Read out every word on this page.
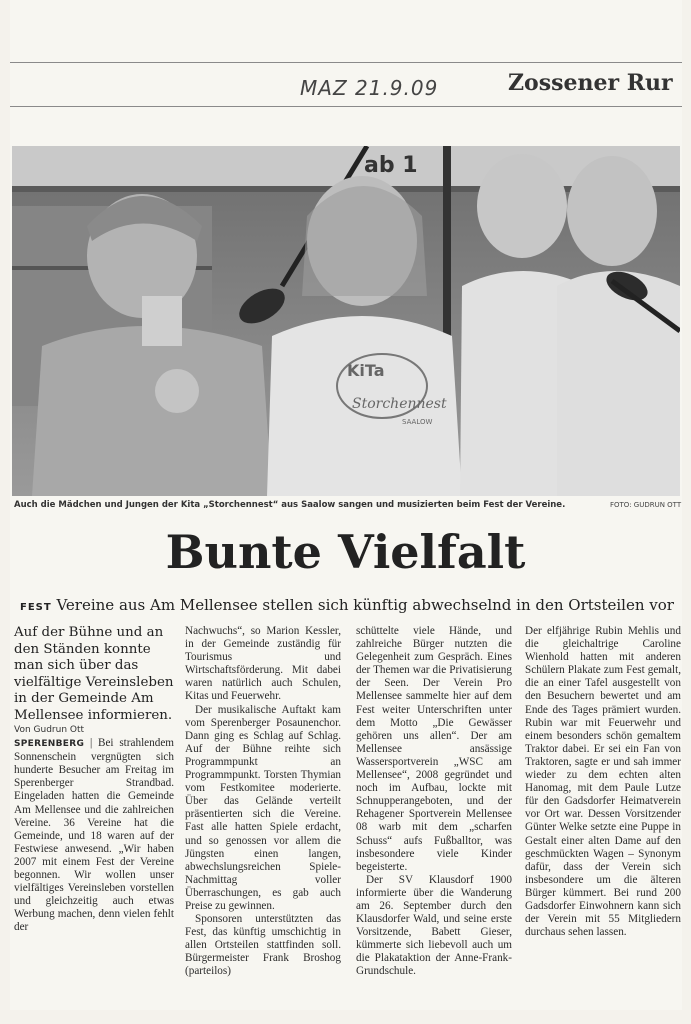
MAZ 21.9.09	Zossener Rur
ab 1
KiTa
Storchennest
SAALOW
Auch die Mädchen und Jungen der Kita „Storchennest“ aus Saalow sangen und musizierten beim Fest der Vereine.	FOTO: GUDRUN OTT
Bunte Vielfalt
FEST Vereine aus Am Mellensee stellen sich künftig abwechselnd in den Ortsteilen vor

Auf der Bühne und an den Ständen konnte man sich über das vielfältige Vereinsleben in der Gemeinde Am Mellensee informieren.

Von Gudrun Ott

SPERENBERG | Bei strahlendem Sonnenschein vergnügten sich hunderte Besucher am Freitag im Sperenberger Strandbad. Eingeladen hatten die Gemeinde Am Mellensee und die zahlreichen Vereine. 36 Vereine hat die Gemeinde, und 18 waren auf der Festwiese anwesend. „Wir haben 2007 mit einem Fest der Vereine begonnen. Wir wollen unser vielfältiges Vereinsleben vorstellen und gleichzeitig auch etwas Werbung machen, denn vielen fehlt der

Nachwuchs“, so Marion Kessler, in der Gemeinde zuständig für Tourismus und Wirtschaftsförderung. Mit dabei waren natürlich auch Schulen, Kitas und Feuerwehr.

Der musikalische Auftakt kam vom Sperenberger Posaunenchor. Dann ging es Schlag auf Schlag. Auf der Bühne reihte sich Programmpunkt an Programmpunkt. Torsten Thymian vom Festkomitee moderierte. Über das Gelände verteilt präsentierten sich die Vereine. Fast alle hatten Spiele erdacht, und so genossen vor allem die Jüngsten einen langen, abwechslungsreichen Spiele-Nachmittag voller Überraschungen, es gab auch Preise zu gewinnen.

Sponsoren unterstützten das Fest, das künftig umschichtig in allen Ortsteilen stattfinden soll. Bürgermeister Frank Broshog (parteilos)

schüttelte viele Hände, und zahlreiche Bürger nutzten die Gelegenheit zum Gespräch. Eines der Themen war die Privatisierung der Seen. Der Verein Pro Mellensee sammelte hier auf dem Fest weiter Unterschriften unter dem Motto „Die Gewässer gehören uns allen“. Der am Mellensee ansässige Wassersportverein „WSC am Mellensee“, 2008 gegründet und noch im Aufbau, lockte mit Schnupperangeboten, und der Rehagener Sportverein Mellensee 08 warb mit dem „scharfen Schuss“ aufs Fußballtor, was insbesondere viele Kinder begeisterte.

Der SV Klausdorf 1900 informierte über die Wanderung am 26. September durch den Klausdorfer Wald, und seine erste Vorsitzende, Babett Gieser, kümmerte sich liebevoll auch um die Plakataktion der Anne-Frank-Grundschule.

Der elfjährige Rubin Mehlis und die gleichaltrige Caroline Wienhold hatten mit anderen Schülern Plakate zum Fest gemalt, die an einer Tafel ausgestellt von den Besuchern bewertet und am Ende des Tages prämiert wurden. Rubin war mit Feuerwehr und einem besonders schön gemaltem Traktor dabei. Er sei ein Fan von Traktoren, sagte er und sah immer wieder zu dem echten alten Hanomag, mit dem Paule Lutze für den Gadsdorfer Heimatverein vor Ort war. Dessen Vorsitzender Günter Welke setzte eine Puppe in Gestalt einer alten Dame auf den geschmückten Wagen – Synonym dafür, dass der Verein sich insbesondere um die älteren Bürger kümmert. Bei rund 200 Gadsdorfer Einwohnern kann sich der Verein mit 55 Mitgliedern durchaus sehen lassen.
